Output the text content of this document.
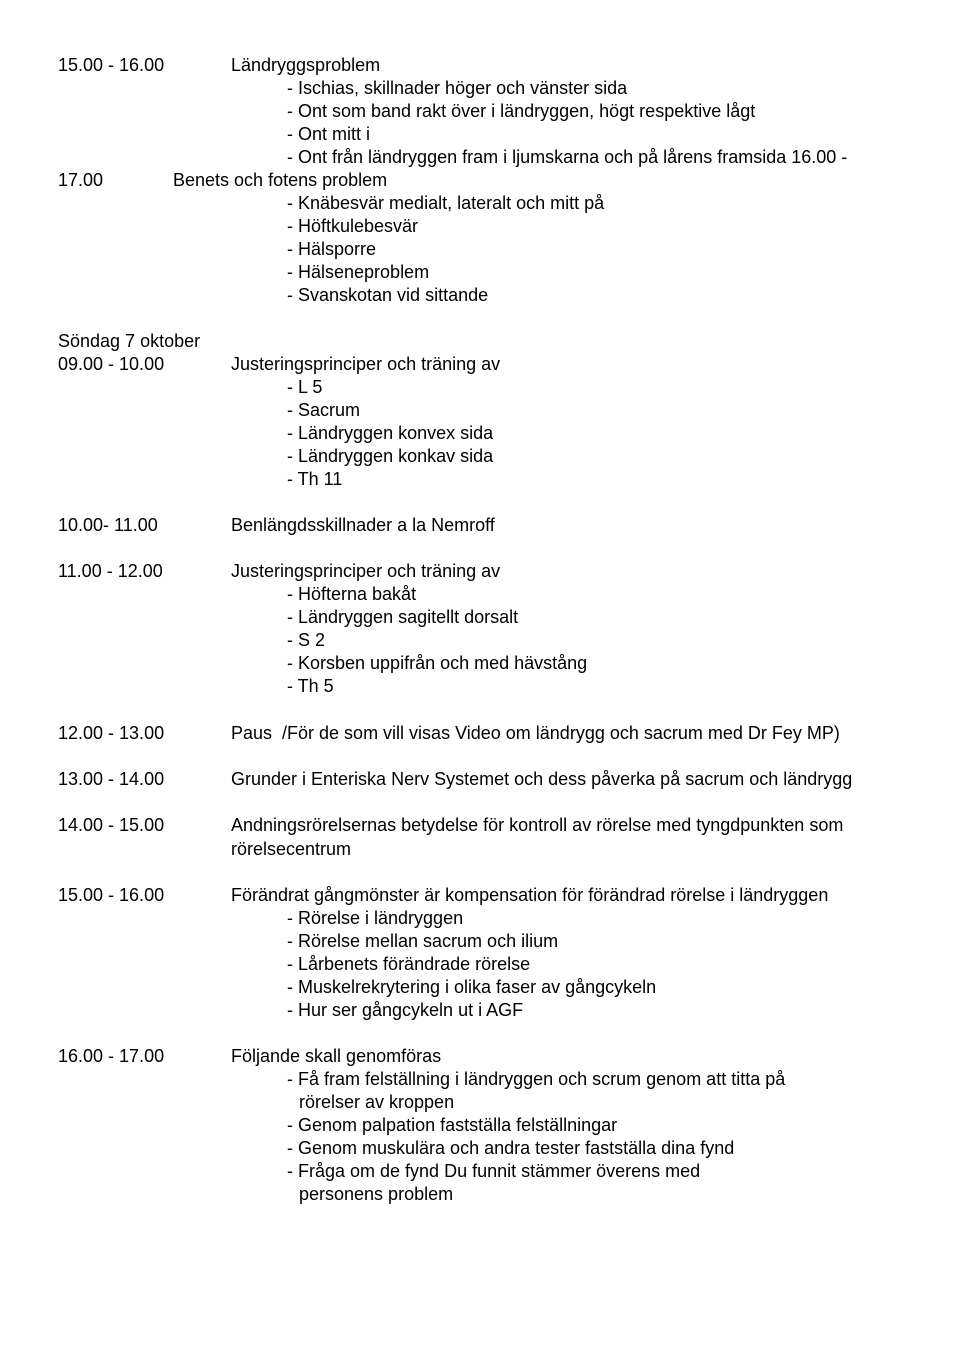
15.00 - 16.00	Ländryggsproblem
- Ischias, skillnader höger och vänster sida
- Ont som band rakt över i ländryggen, högt respektive lågt
- Ont mitt i
- Ont från ländryggen fram i ljumskarna och på lårens framsida 16.00 -
17.00	Benets och fotens problem
- Knäbesvär medialt, lateralt och mitt på
- Höftkulebesvär
- Hälsporre
- Hälseneproblem
- Svanskotan vid sittande
Söndag 7 oktober
09.00 - 10.00	Justeringsprinciper och träning av
- L 5
- Sacrum
- Ländryggen konvex sida
- Ländryggen konkav sida
- Th 11
10.00- 11.00	Benlängdsskillnader a la Nemroff
11.00 - 12.00	Justeringsprinciper och träning av
- Höfterna bakåt
- Ländryggen sagitellt dorsalt
- S 2
- Korsben uppifrån och med hävstång
- Th 5
12.00 - 13.00	Paus  /För de som vill visas Video om ländrygg och sacrum med Dr Fey MP)
13.00 - 14.00	Grunder i Enteriska Nerv Systemet och dess påverka på sacrum och ländrygg
14.00 - 15.00	Andningsrörelsernas betydelse för kontroll av rörelse med tyngdpunkten som
rörelsecentrum
15.00 - 16.00	Förändrat gångmönster är kompensation för förändrad rörelse i ländryggen
- Rörelse i ländryggen
- Rörelse mellan sacrum och ilium
- Lårbenets förändrade rörelse
- Muskelrekrytering i olika faser av gångcykeln
- Hur ser gångcykeln ut i AGF
16.00 - 17.00	Följande skall genomföras
- Få fram felställning i ländryggen och scrum genom att titta på
rörelser av kroppen
- Genom palpation fastställa felställningar
- Genom muskulära och andra tester fastställa dina fynd
- Fråga om de fynd Du funnit stämmer överens med
personens problem
